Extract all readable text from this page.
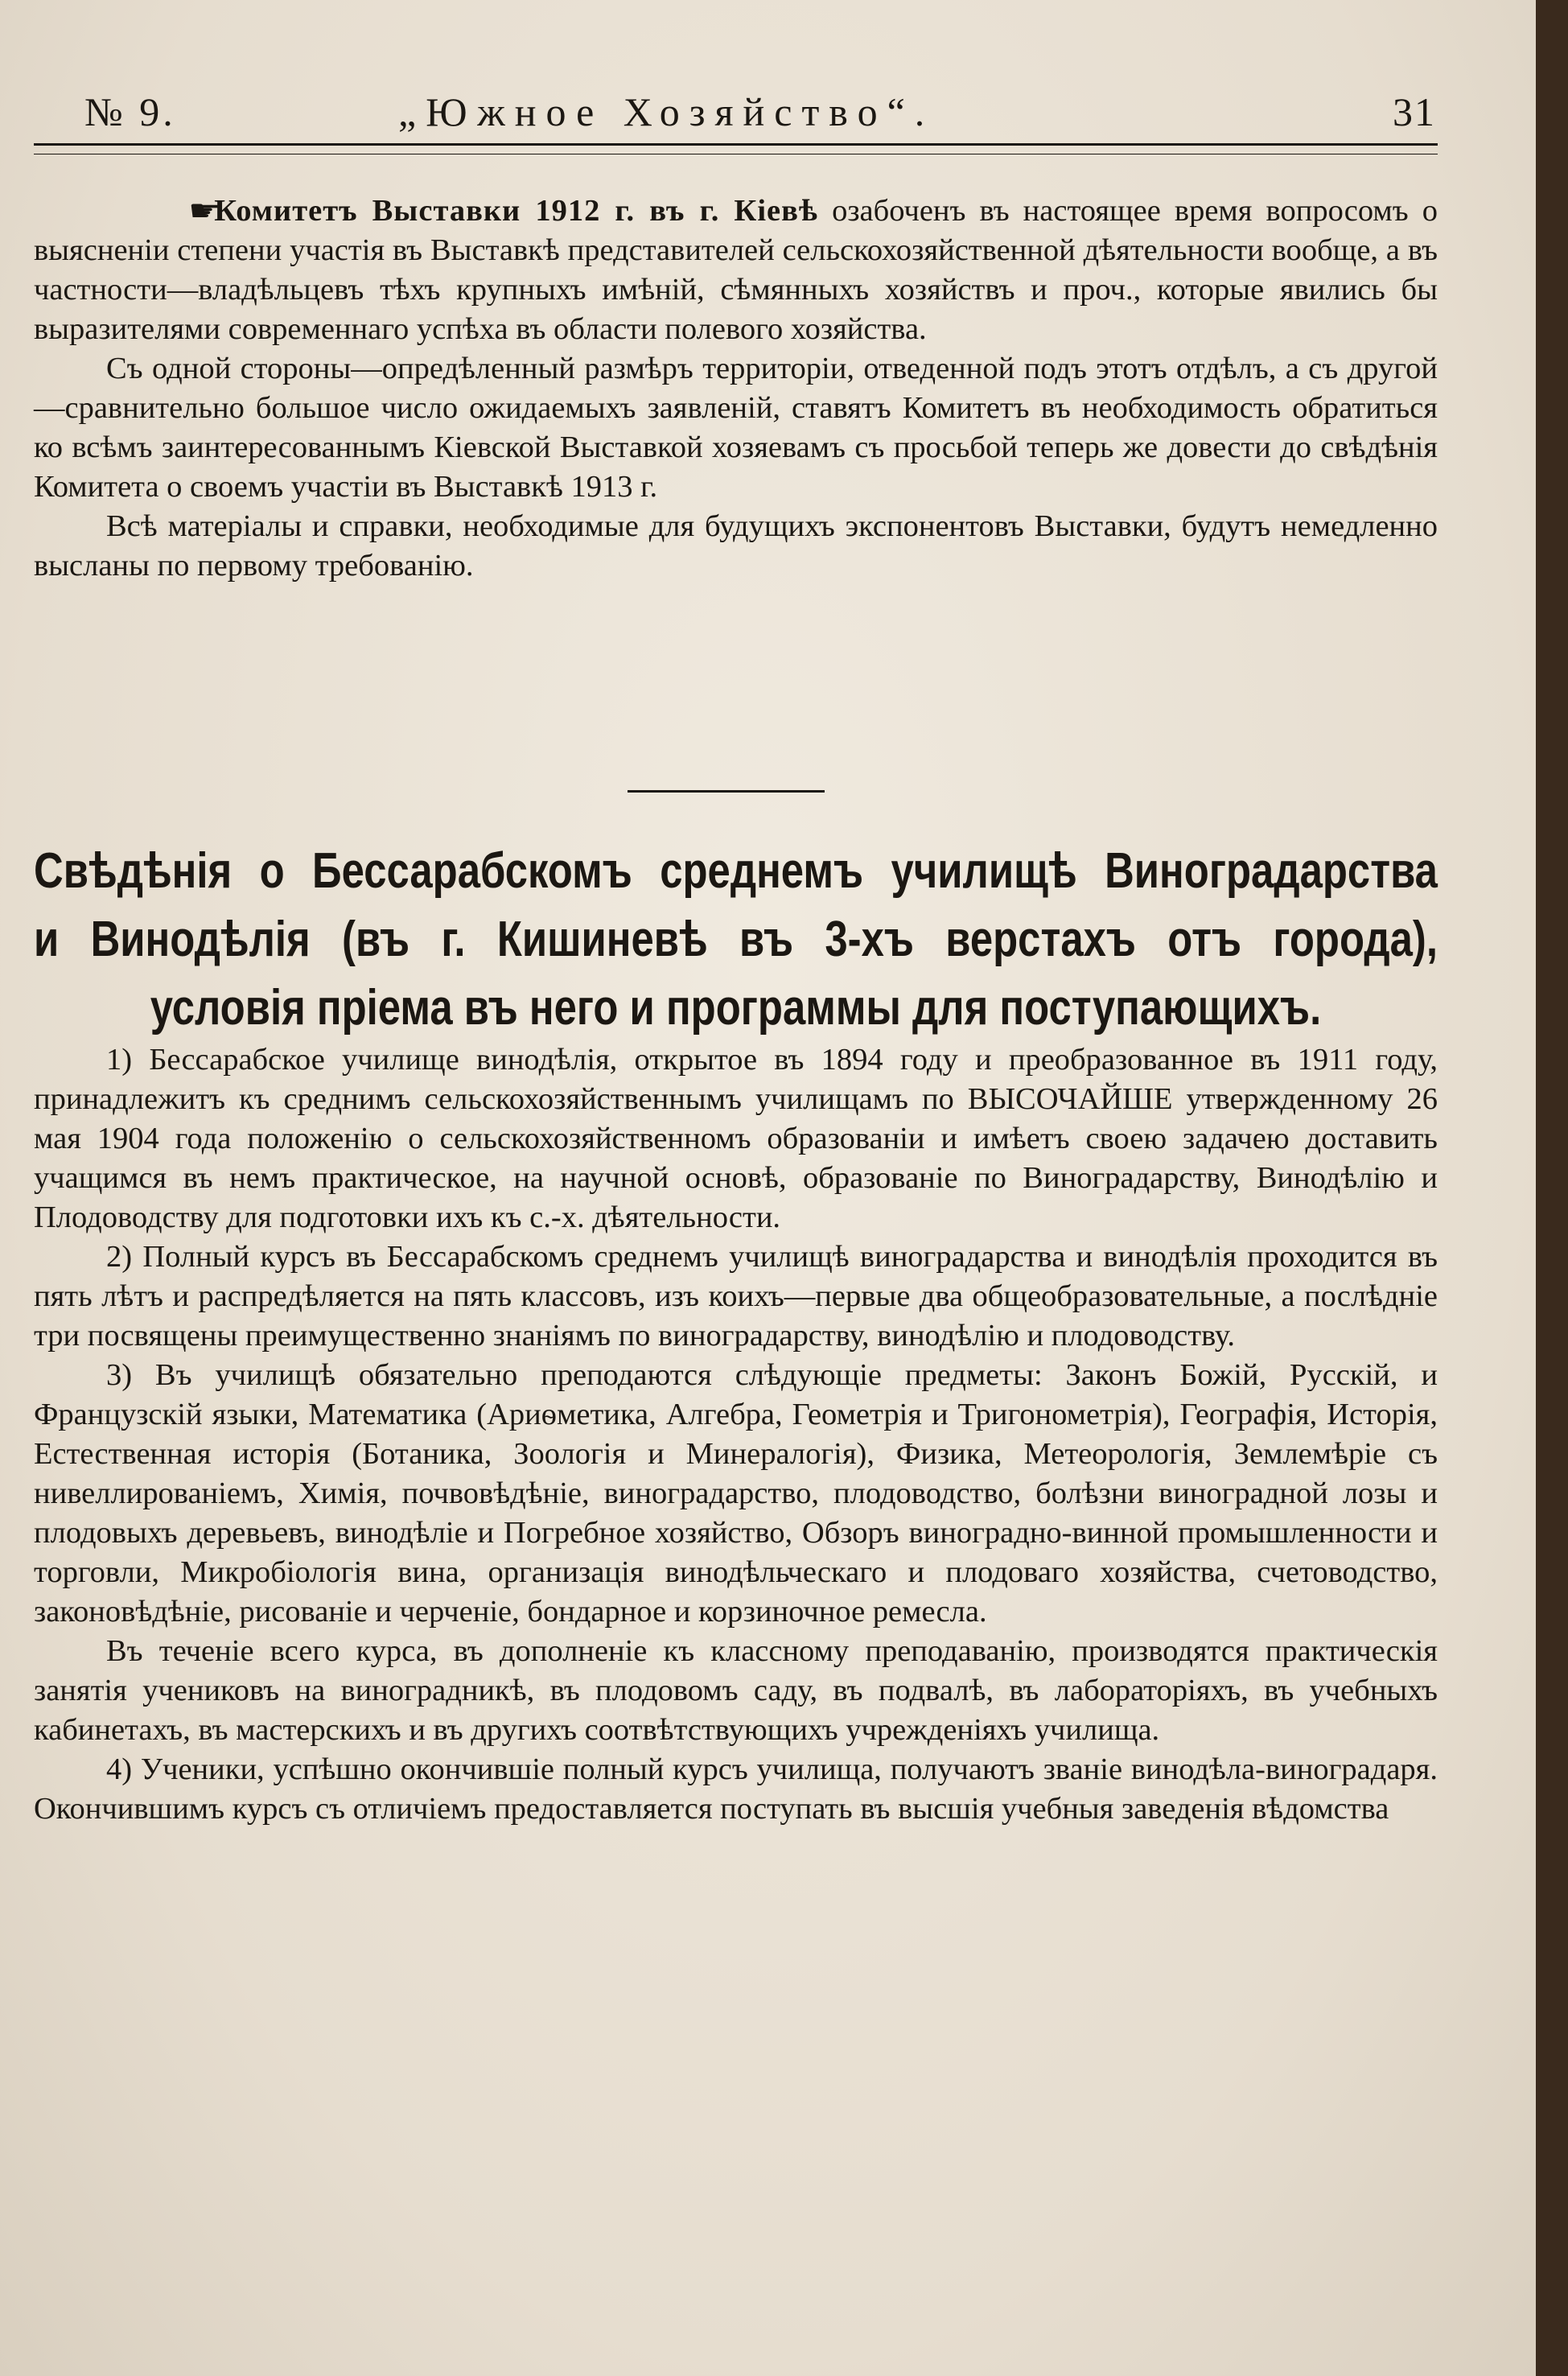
№ 9.	„Южное Хозяйство“.	31

☛Комитетъ Выставки 1912 г. въ г. Кіевѣ озабоченъ въ настоящее время вопросомъ о выясненіи степени участія въ Выставкѣ представителей сельскохозяйственной дѣятельности вообще, а въ частности—владѣльцевъ тѣхъ крупныхъ имѣній, сѣмянныхъ хозяйствъ и проч., которые явились бы выразителями современнаго успѣха въ области полевого хозяйства.

Съ одной стороны—опредѣленный размѣръ территоріи, отведенной подъ этотъ отдѣлъ, а съ другой—сравнительно большое число ожидаемыхъ заявленій, ставятъ Комитетъ въ необходимость обратиться ко всѣмъ заинтересованнымъ Кіевской Выставкой хозяевамъ съ просьбой теперь же довести до свѣдѣнія Комитета о своемъ участіи въ Выставкѣ 1913 г.

Всѣ матеріалы и справки, необходимые для будущихъ экспонентовъ Выставки, будутъ немедленно высланы по первому требованію.

Свѣдѣнія о Бессарабскомъ среднемъ училищѣ Виноградарства
и Винодѣлія (въ г. Кишиневѣ въ 3-хъ верстахъ отъ города),
условія пріема въ него и программы для поступающихъ.

1) Бессарабское училище винодѣлія, открытое въ 1894 году и преобразованное въ 1911 году, принадлежитъ къ среднимъ сельскохозяйственнымъ училищамъ по ВЫСОЧАЙШЕ утвержденному 26 мая 1904 года положенію о сельскохозяйственномъ образованіи и имѣетъ своею задачею доставить учащимся въ немъ практическое, на научной основѣ, образованіе по Виноградарству, Винодѣлію и Плодоводству для подготовки ихъ къ с.-х. дѣятельности.

2) Полный курсъ въ Бессарабскомъ среднемъ училищѣ виноградарства и винодѣлія проходится въ пять лѣтъ и распредѣляется на пять классовъ, изъ коихъ—первые два общеобразовательные, а послѣдніе три посвящены преимущественно знаніямъ по виноградарству, винодѣлію и плодоводству.

3) Въ училищѣ обязательно преподаются слѣдующіе предметы: Законъ Божій, Русскій, и Французскій языки, Математика (Ариѳметика, Алгебра, Геометрія и Тригонометрія), Географія, Исторія, Естественная исторія (Ботаника, Зоологія и Минералогія), Физика, Метеорологія, Землемѣріе съ нивеллированіемъ, Химія, почвовѣдѣніе, виноградарство, плодоводство, болѣзни виноградной лозы и плодовыхъ деревьевъ, винодѣліе и Погребное хозяйство, Обзоръ виноградно-винной промышленности и торговли, Микробіологія вина, организація винодѣльческаго и плодоваго хозяйства, счетоводство, законовѣдѣніе, рисованіе и черченіе, бондарное и корзиночное ремесла.

Въ теченіе всего курса, въ дополненіе къ классному преподаванію, производятся практическія занятія учениковъ на виноградникѣ, въ плодовомъ саду, въ подвалѣ, въ лабораторіяхъ, въ учебныхъ кабинетахъ, въ мастерскихъ и въ другихъ соотвѣтствующихъ учрежденіяхъ училища.

4) Ученики, успѣшно окончившіе полный курсъ училища, получаютъ званіе винодѣла-виноградаря. Окончившимъ курсъ съ отличіемъ предоставляется поступать въ высшія учебныя заведенія вѣдомства
